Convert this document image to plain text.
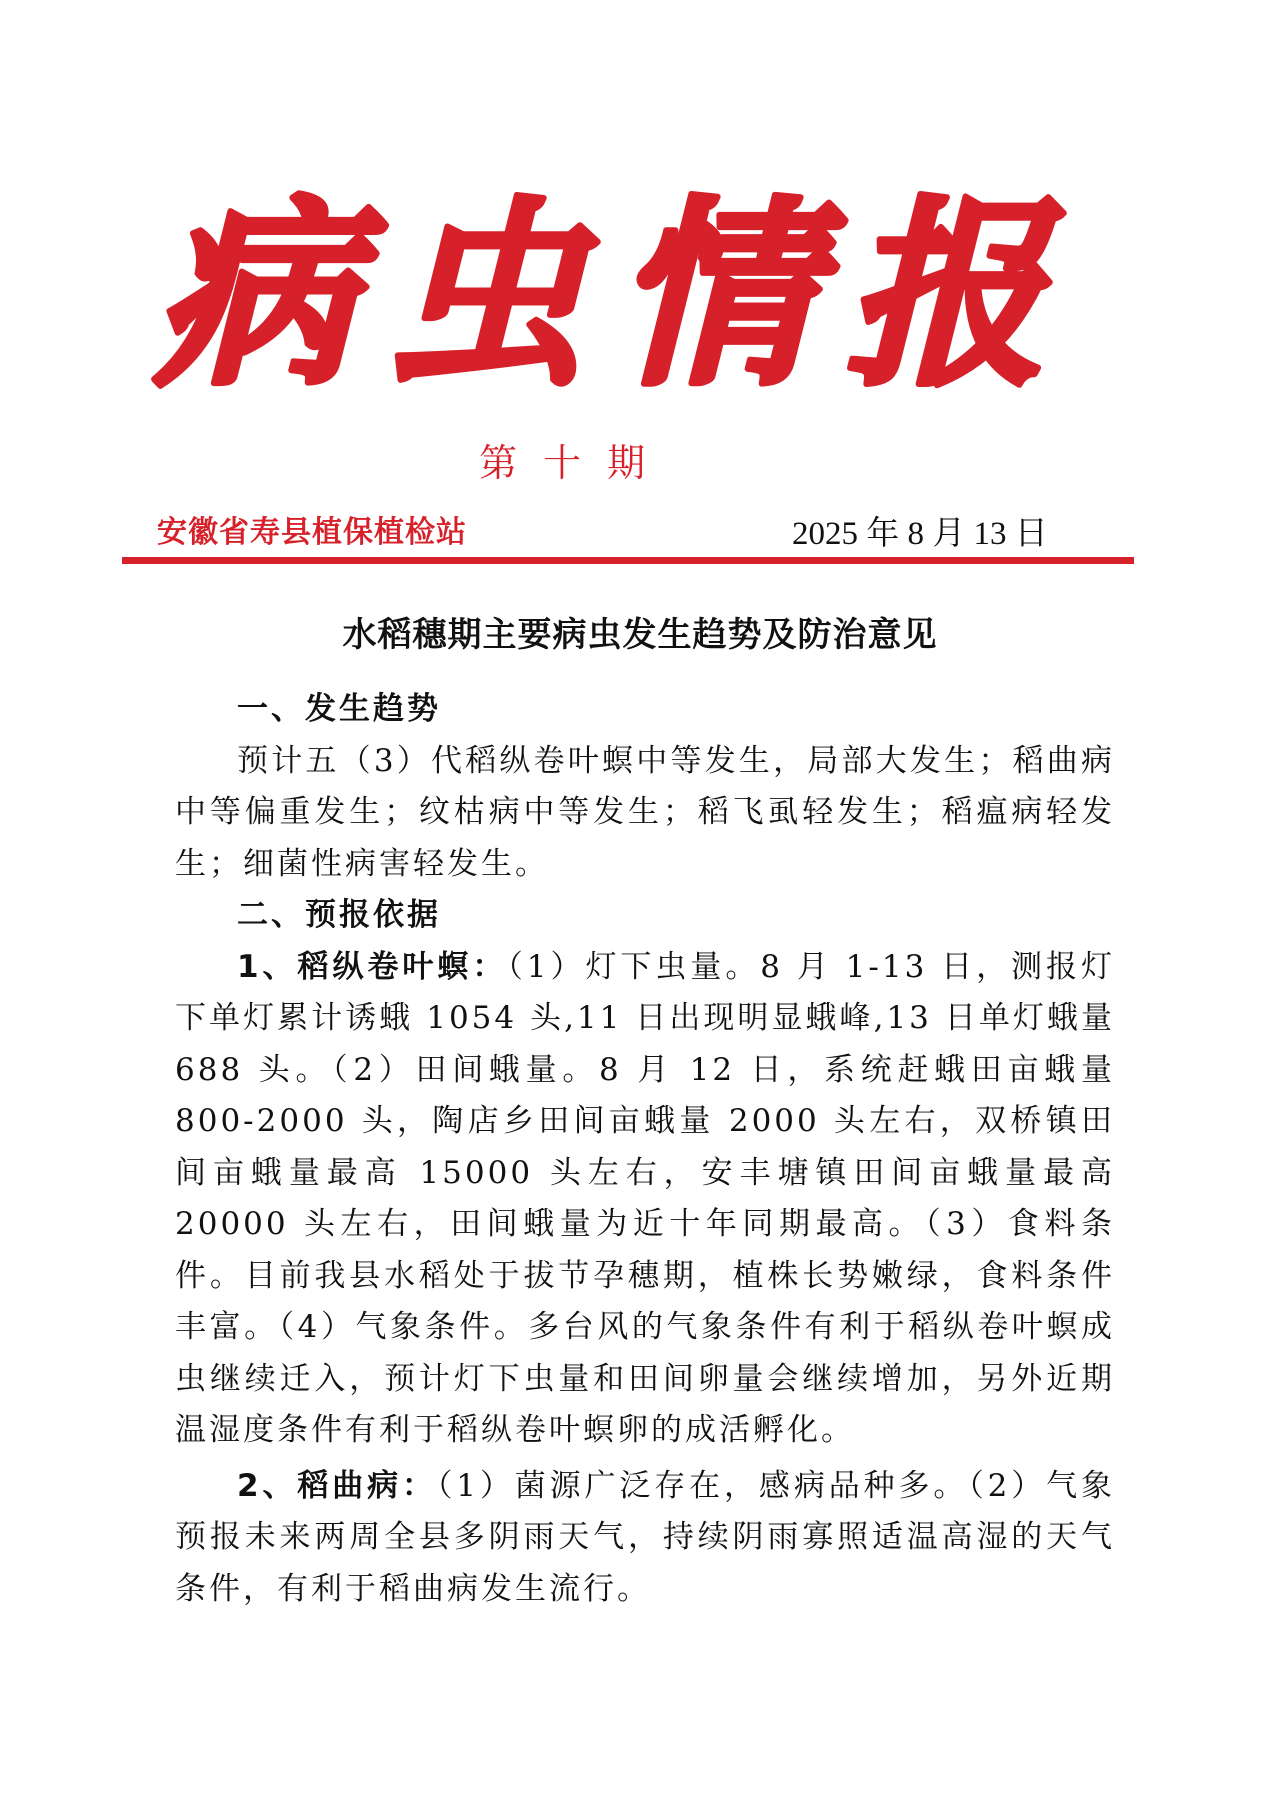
病虫情报
第十期
安徽省寿县植保植检站	2025 年 8 月 13 日
水稻穗期主要病虫发生趋势及防治意见

一、发生趋势

预计五（3）代稻纵卷叶螟中等发生，局部大发生；稻曲病中等偏重发生；纹枯病中等发生；稻飞虱轻发生；稻瘟病轻发生；细菌性病害轻发生。

二、预报依据

1、稻纵卷叶螟：（1）灯下虫量。8 月 1-13 日，测报灯下单灯累计诱蛾 1054 头,11 日出现明显蛾峰,13 日单灯蛾量 688 头。（2）田间蛾量。8 月 12 日，系统赶蛾田亩蛾量 800-2000 头，陶店乡田间亩蛾量 2000 头左右，双桥镇田间亩蛾量最高 15000 头左右，安丰塘镇田间亩蛾量最高 20000 头左右，田间蛾量为近十年同期最高。（3）食料条件。目前我县水稻处于拔节孕穗期，植株长势嫩绿，食料条件丰富。（4）气象条件。多台风的气象条件有利于稻纵卷叶螟成虫继续迁入，预计灯下虫量和田间卵量会继续增加，另外近期温湿度条件有利于稻纵卷叶螟卵的成活孵化。

2、稻曲病：（1）菌源广泛存在，感病品种多。（2）气象预报未来两周全县多阴雨天气，持续阴雨寡照适温高湿的天气条件，有利于稻曲病发生流行。
